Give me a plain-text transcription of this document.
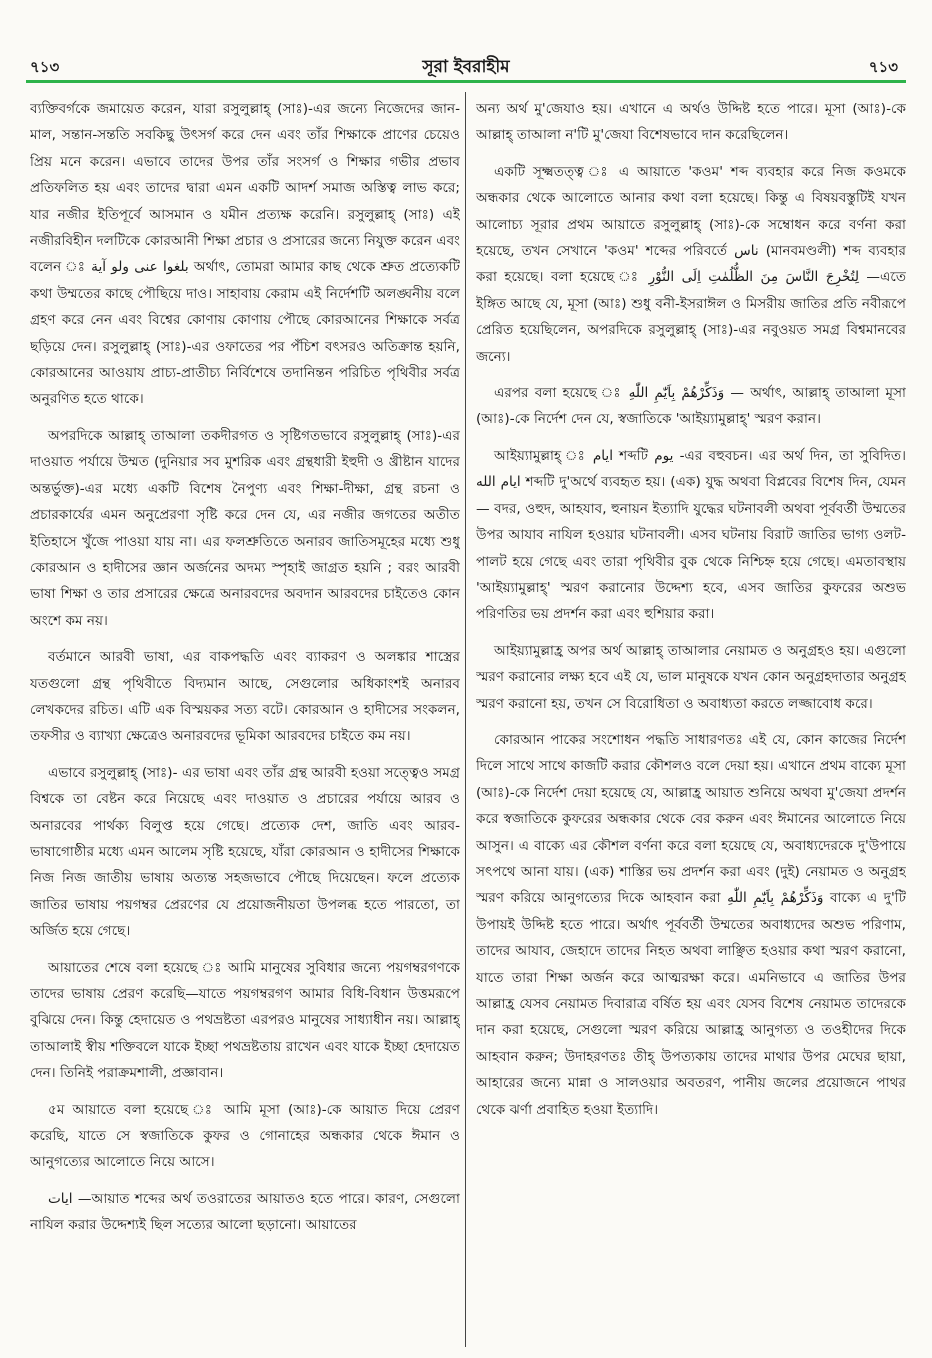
৭১৩	সূরা ইবরাহীম	৭১৩

ব্যক্তিবর্গকে জমায়েত করেন, যারা রসুলুল্লাহ্ (সাঃ)-এর জন্যে নিজেদের জান-মাল, সন্তান-সন্ততি সবকিছু উৎসর্গ করে দেন এবং তাঁর শিক্ষাকে প্রাণের চেয়েও প্রিয় মনে করেন। এভাবে তাদের উপর তাঁর সংসর্গ ও শিক্ষার গভীর প্রভাব প্রতিফলিত হয় এবং তাদের দ্বারা এমন একটি আদর্শ সমাজ অস্তিত্ব লাভ করে; যার নজীর ইতিপূর্বে আসমান ও যমীন প্রত্যক্ষ করেনি। রসুলুল্লাহ্ (সাঃ) এই নজীরবিহীন দলটিকে কোরআনী শিক্ষা প্রচার ও প্রসারের জন্যে নিযুক্ত করেন এবং বলেন ঃ بلغوا عنى ولو آية অর্থাৎ, তোমরা আমার কাছ থেকে শ্রুত প্রত্যেকটি কথা উম্মতের কাছে পৌছিয়ে দাও। সাহাবায় কেরাম এই নির্দেশটি অলঙ্ঘনীয় বলে গ্রহণ করে নেন এবং বিশ্বের কোণায় কোণায় পৌছে কোরআনের শিক্ষাকে সর্বত্র ছড়িয়ে দেন। রসুলুল্লাহ্ (সাঃ)-এর ওফাতের পর পঁচিশ বৎসরও অতিক্রান্ত হয়নি, কোরআনের আওয়ায প্রাচ্য-প্রাতীচ্য নির্বিশেষে তদানিন্তন পরিচিত পৃথিবীর সর্বত্র অনুরণিত হতে থাকে।

অপরদিকে আল্লাহ্ তাআলা তকদীরগত ও সৃষ্টিগতভাবে রসুলুল্লাহ্ (সাঃ)-এর দাওয়াত পর্যায়ে উম্মত (দুনিয়ার সব মুশরিক এবং গ্রন্থধারী ইহুদী ও খ্রীষ্টান যাদের অন্তর্ভুক্ত)-এর মধ্যে একটি বিশেষ নৈপুণ্য এবং শিক্ষা-দীক্ষা, গ্রন্থ রচনা ও প্রচারকার্যের এমন অনুপ্রেরণা সৃষ্টি করে দেন যে, এর নজীর জগতের অতীত ইতিহাসে খুঁজে পাওয়া যায় না। এর ফলশ্রুতিতে অনারব জাতিসমূহের মধ্যে শুধু কোরআন ও হাদীসের জ্ঞান অর্জনের অদম্য স্পৃহাই জাগ্রত হয়নি ; বরং আরবী ভাষা শিক্ষা ও তার প্রসারের ক্ষেত্রে অনারবদের অবদান আরবদের চাইতেও কোন অংশে কম নয়।

বর্তমানে আরবী ভাষা, এর বাকপদ্ধতি এবং ব্যাকরণ ও অলঙ্কার শাস্ত্রের যতগুলো গ্রন্থ পৃথিবীতে বিদ্যমান আছে, সেগুলোর অধিকাংশই অনারব লেখকদের রচিত। এটি এক বিস্ময়কর সত্য বটে। কোরআন ও হাদীসের সংকলন, তফসীর ও ব্যাখ্যা ক্ষেত্রেও অনারবদের ভূমিকা আরবদের চাইতে কম নয়।

এভাবে রসুলুল্লাহ্ (সাঃ)- এর ভাষা এবং তাঁর গ্রন্থ আরবী হওয়া সত্ত্বেও সমগ্র বিশ্বকে তা বেষ্টন করে নিয়েছে এবং দাওয়াত ও প্রচারের পর্যায়ে আরব ও অনারবের পার্থক্য বিলুপ্ত হয়ে গেছে। প্রত্যেক দেশ, জাতি এবং আরব-ভাষাগোষ্ঠীর মধ্যে এমন আলেম সৃষ্টি হয়েছে, যাঁরা কোরআন ও হাদীসের শিক্ষাকে নিজ নিজ জাতীয় ভাষায় অত্যন্ত সহজভাবে পৌছে দিয়েছেন। ফলে প্রত্যেক জাতির ভাষায় পয়গম্বর প্রেরণের যে প্রয়োজনীয়তা উপলব্ধ হতে পারতো, তা অর্জিত হয়ে গেছে।

আয়াতের শেষে বলা হয়েছে ঃ আমি মানুষের সুবিধার জন্যে পয়গম্বরগণকে তাদের ভাষায় প্রেরণ করেছি—যাতে পয়গম্বরগণ আমার বিধি-বিধান উত্তমরূপে বুঝিয়ে দেন। কিন্তু হেদায়েত ও পথভ্রষ্টতা এরপরও মানুষের সাধ্যাধীন নয়। আল্লাহ্ তাআলাই স্বীয় শক্তিবলে যাকে ইচ্ছা পথভ্রষ্টতায় রাখেন এবং যাকে ইচ্ছা হেদায়েত দেন। তিনিই পরাক্রমশালী, প্রজ্ঞাবান।

৫ম আয়াতে বলা হয়েছে ঃ আমি মূসা (আঃ)-কে আয়াত দিয়ে প্রেরণ করেছি, যাতে সে স্বজাতিকে কুফর ও গোনাহের অন্ধকার থেকে ঈমান ও আনুগত্যের আলোতে নিয়ে আসে।

ايات —আয়াত শব্দের অর্থ তওরাতের আয়াতও হতে পারে। কারণ, সেগুলো নাযিল করার উদ্দেশ্যই ছিল সত্যের আলো ছড়ানো। আয়াতের

অন্য অর্থ মু'জেযাও হয়। এখানে এ অর্থও উদ্দিষ্ট হতে পারে। মূসা (আঃ)-কে আল্লাহ্ তাআলা ন'টি মু'জেযা বিশেষভাবে দান করেছিলেন।

একটি সূক্ষ্মতত্ত্ব ঃ এ আয়াতে 'কওম' শব্দ ব্যবহার করে নিজ কওমকে অন্ধকার থেকে আলোতে আনার কথা বলা হয়েছে। কিন্তু এ বিষয়বস্তুটিই যখন আলোচ্য সূরার প্রথম আয়াতে রসুলুল্লাহ্ (সাঃ)-কে সম্বোধন করে বর্ণনা করা হয়েছে, তখন সেখানে 'কওম' শব্দের পরিবর্তে ناس (মানবমণ্ডলী) শব্দ ব্যবহার করা হয়েছে। বলা হয়েছে ঃ لِتُخْرِجَ النَّاسَ مِنَ الظُّلُمٰتِ اِلَى النُّوْرِ —এতে ইঙ্গিত আছে যে, মূসা (আঃ) শুধু বনী-ইসরাঈল ও মিসরীয় জাতির প্রতি নবীরূপে প্রেরিত হয়েছিলেন, অপরদিকে রসুলুল্লাহ্ (সাঃ)-এর নবুওয়ত সমগ্র বিশ্বমানবের জন্যে।

এরপর বলা হয়েছে ঃ وَذَكِّرْهُمْ بِاَيّٰمِ اللّٰهِ — অর্থাৎ, আল্লাহ্ তাআলা মূসা (আঃ)-কে নির্দেশ দেন যে, স্বজাতিকে 'আইয়্যামুল্লাহ্' স্মরণ করান।

আইয়্যামুল্লাহ্ ঃ ايام শব্দটি يوم -এর বহুবচন। এর অর্থ দিন, তা সুবিদিত। ايام الله শব্দটি দু'অর্থে ব্যবহৃত হয়। (এক) যুদ্ধ অথবা বিপ্লবের বিশেষ দিন, যেমন— বদর, ওহুদ, আহযাব, হুনায়ন ইত্যাদি যুদ্ধের ঘটনাবলী অথবা পূর্ববর্তী উম্মতের উপর আযাব নাযিল হওয়ার ঘটনাবলী। এসব ঘটনায় বিরাট জাতির ভাগ্য ওলট-পালট হয়ে গেছে এবং তারা পৃথিবীর বুক থেকে নিশ্চিহ্ন হয়ে গেছে। এমতাবস্থায় 'আইয়্যামুল্লাহ্' স্মরণ করানোর উদ্দেশ্য হবে, এসব জাতির কুফরের অশুভ পরিণতির ভয় প্রদর্শন করা এবং হুশিয়ার করা।

আইয়্যামুল্লাহ্র অপর অর্থ আল্লাহ্ তাআলার নেয়ামত ও অনুগ্রহও হয়। এগুলো স্মরণ করানোর লক্ষ্য হবে এই যে, ভাল মানুষকে যখন কোন অনুগ্রহদাতার অনুগ্রহ স্মরণ করানো হয়, তখন সে বিরোধিতা ও অবাধ্যতা করতে লজ্জাবোধ করে।

কোরআন পাকের সংশোধন পদ্ধতি সাধারণতঃ এই যে, কোন কাজের নির্দেশ দিলে সাথে সাথে কাজটি করার কৌশলও বলে দেয়া হয়। এখানে প্রথম বাক্যে মূসা (আঃ)-কে নির্দেশ দেয়া হয়েছে যে, আল্লাহ্র আয়াত শুনিয়ে অথবা মু'জেযা প্রদর্শন করে স্বজাতিকে কুফরের অন্ধকার থেকে বের করুন এবং ঈমানের আলোতে নিয়ে আসুন। এ বাক্যে এর কৌশল বর্ণনা করে বলা হয়েছে যে, অবাধ্যদেরকে দু'উপায়ে সৎপথে আনা যায়। (এক) শাস্তির ভয় প্রদর্শন করা এবং (দুই) নেয়ামত ও অনুগ্রহ স্মরণ করিয়ে আনুগত্যের দিকে আহবান করা وَذَكِّرْهُمْ بِاَيّٰمِ اللّٰهِ বাক্যে এ দু'টি উপায়ই উদ্দিষ্ট হতে পারে। অর্থাৎ পূর্ববর্তী উম্মতের অবাধ্যদের অশুভ পরিণাম, তাদের আযাব, জেহাদে তাদের নিহত অথবা লাঞ্ছিত হওয়ার কথা স্মরণ করানো, যাতে তারা শিক্ষা অর্জন করে আত্মরক্ষা করে। এমনিভাবে এ জাতির উপর আল্লাহ্র যেসব নেয়ামত দিবারাত্র বর্ষিত হয় এবং যেসব বিশেষ নেয়ামত তাদেরকে দান করা হয়েছে, সেগুলো স্মরণ করিয়ে আল্লাহ্র আনুগত্য ও তওহীদের দিকে আহবান করুন; উদাহরণতঃ তীহ্ উপত্যকায় তাদের মাথার উপর মেঘের ছায়া, আহারের জন্যে মান্না ও সালওয়ার অবতরণ, পানীয় জলের প্রয়োজনে পাথর থেকে ঝর্ণা প্রবাহিত হওয়া ইত্যাদি।
